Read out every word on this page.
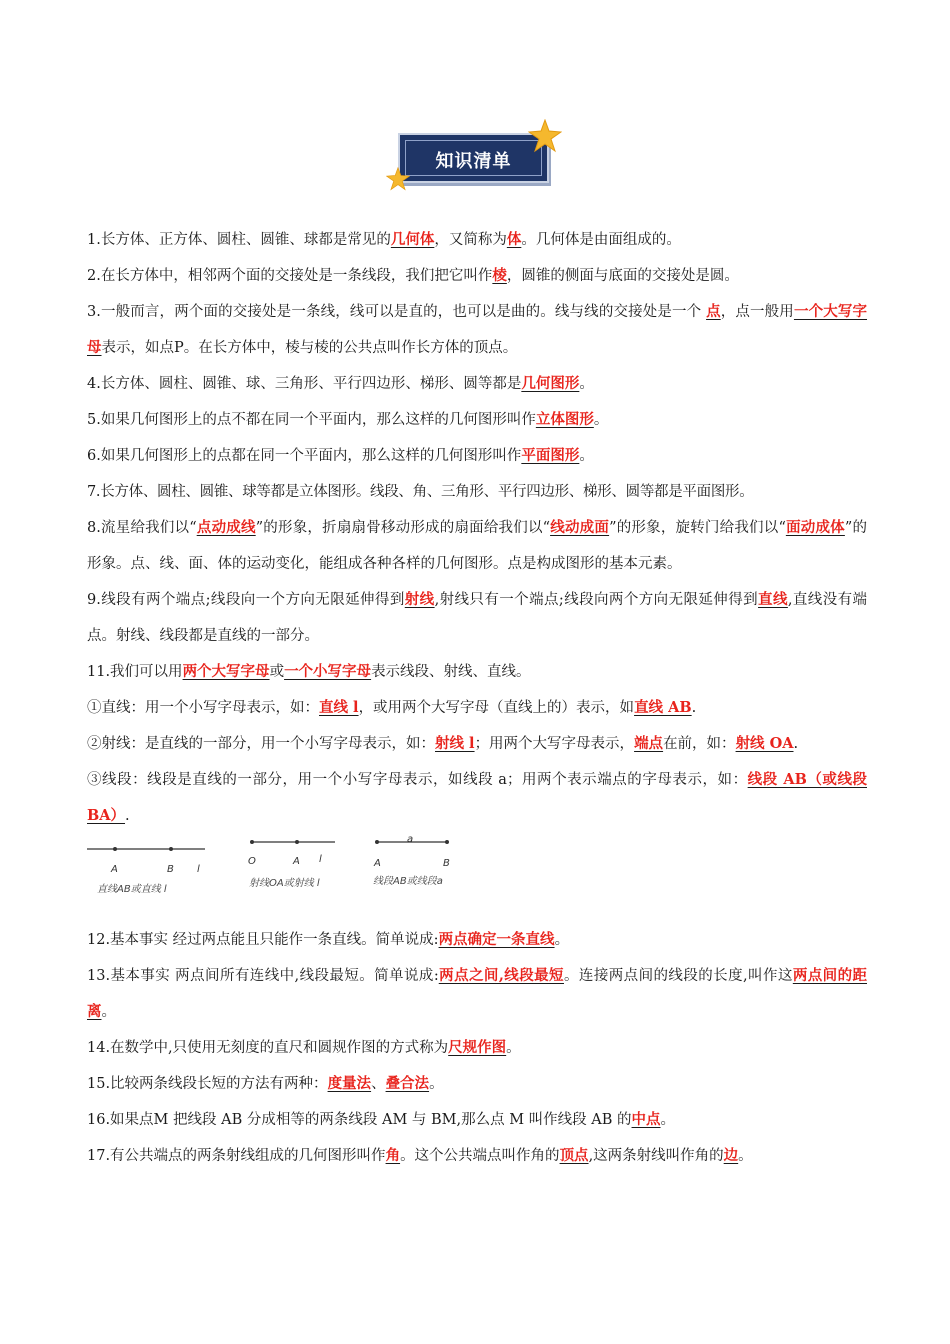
知识清单
1.长方体、正方体、圆柱、圆锥、球都是常见的几何体，又简称为体。几何体是由面组成的。
2.在长方体中，相邻两个面的交接处是一条线段，我们把它叫作棱，圆锥的侧面与底面的交接处是圆。
3.一般而言，两个面的交接处是一条线，线可以是直的，也可以是曲的。线与线的交接处是一个 点，点一般用一个大写字母表示，如点P。在长方体中，棱与棱的公共点叫作长方体的顶点。
4.长方体、圆柱、圆锥、球、三角形、平行四边形、梯形、圆等都是几何图形。
5.如果几何图形上的点不都在同一个平面内，那么这样的几何图形叫作立体图形。
6.如果几何图形上的点都在同一个平面内，那么这样的几何图形叫作平面图形。
7.长方体、圆柱、圆锥、球等都是立体图形。线段、角、三角形、平行四边形、梯形、圆等都是平面图形。
8.流星给我们以“点动成线”的形象，折扇扇骨移动形成的扇面给我们以“线动成面”的形象，旋转门给我们以“面动成体”的形象。点、线、面、体的运动变化，能组成各种各样的几何图形。点是构成图形的基本元素。
9.线段有两个端点;线段向一个方向无限延伸得到射线,射线只有一个端点;线段向两个方向无限延伸得到直线,直线没有端点。射线、线段都是直线的一部分。
11.我们可以用两个大写字母或一个小写字母表示线段、射线、直线。
①直线：用一个小写字母表示，如：直线 l，或用两个大写字母（直线上的）表示，如直线 AB.
②射线：是直线的一部分，用一个小写字母表示，如：射线 l；用两个大写字母表示，端点在前，如：射线 OA.
③线段：线段是直线的一部分，用一个小写字母表示，如线段 a；用两个表示端点的字母表示，如：线段 AB（或线段 BA）.
A	B l
直线AB或直线 l
O	A l
射线OA或射线 l
a
A	B
线段AB或线段a
12.基本事实 经过两点能且只能作一条直线。简单说成:两点确定一条直线。
13.基本事实 两点间所有连线中,线段最短。简单说成:两点之间,线段最短。连接两点间的线段的长度,叫作这两点间的距离。
14.在数学中,只使用无刻度的直尺和圆规作图的方式称为尺规作图。
15.比较两条线段长短的方法有两种：度量法、叠合法。
16.如果点M 把线段 AB 分成相等的两条线段 AM 与 BM,那么点 M 叫作线段 AB 的中点。
17.有公共端点的两条射线组成的几何图形叫作角。这个公共端点叫作角的顶点,这两条射线叫作角的边。
